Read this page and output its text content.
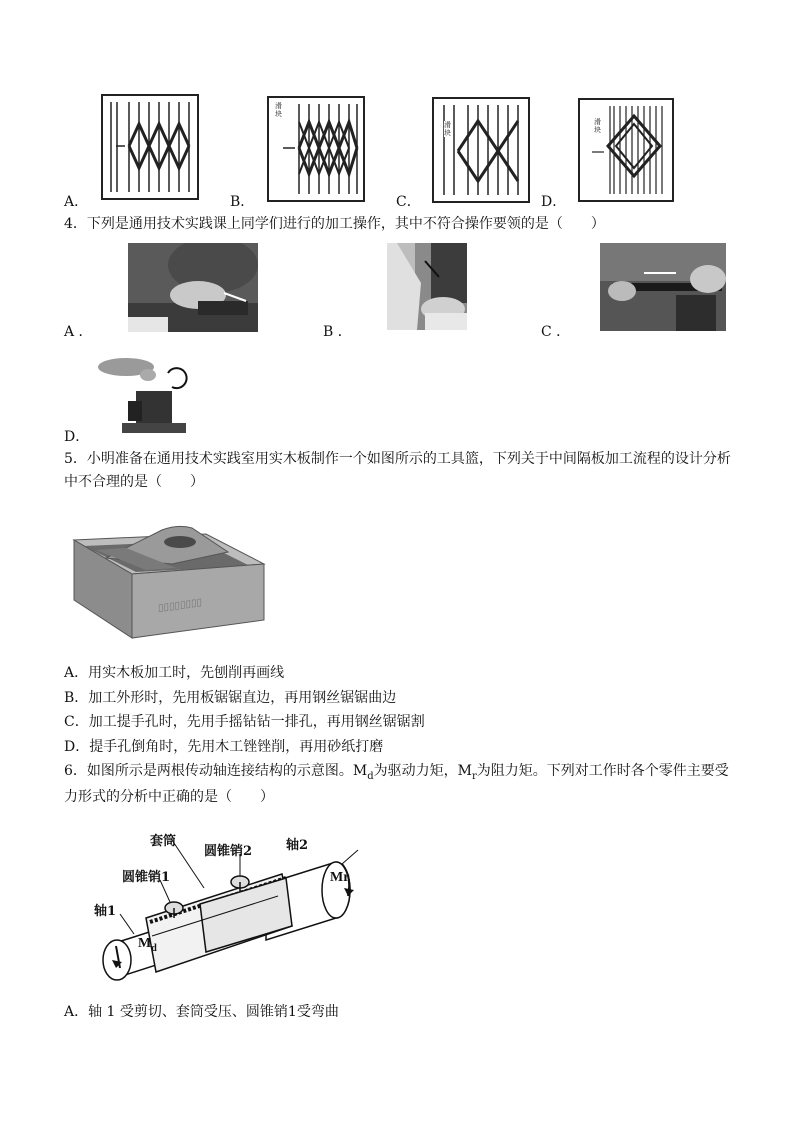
A．
滑块
B．
滑块
C．
滑块
D．
4．下列是通用技术实践课上同学们进行的加工操作，其中不符合操作要领的是（　　）
A ．	B ．	C ．
D．
5．小明准备在通用技术实践室用实木板制作一个如图所示的工具篮，下列关于中间隔板加工流程的设计分析
中不合理的是（　　）
▯▯▯▯▯▯▯▯
A．用实木板加工时，先刨削再画线
B．加工外形时，先用板锯锯直边，再用钢丝锯锯曲边
C．加工提手孔时，先用手摇钻钻一排孔，再用钢丝锯锯割
D．提手孔倒角时，先用木工锉锉削，再用砂纸打磨
6．如图所示是两根传动轴连接结构的示意图。$M_d$为驱动力矩，$M_r$为阻力矩。下列对工作时各个零件主要受
力形式的分析中正确的是（　　）
套筒
圆锥销2	轴2
圆锥销1	Mr
轴1
$M_d$
A．轴 1 受剪切、套筒受压、圆锥销1受弯曲
